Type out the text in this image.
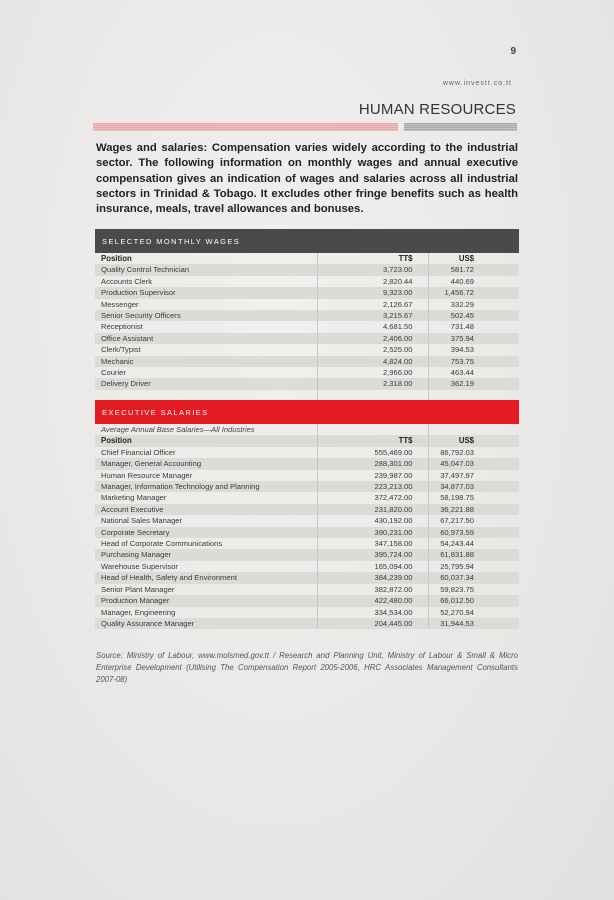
9
www.investt.co.tt
HUMAN RESOURCES

Wages and salaries: Compensation varies widely according to the industrial sector. The following information on monthly wages and annual executive compensation gives an indication of wages and salaries across all industrial sectors in Trinidad & Tobago. It excludes other fringe benefits such as health insurance, meals, travel allowances and bonuses.

SELECTED MONTHLY WAGES
Position	TT$	US$
Quality Control Technician	3,723.00	581.72
Accounts Clerk	2,820.44	440.69
Production Supervisor	9,323.00	1,456.72
Messenger	2,126.67	332.29
Senior Security Officers	3,215.67	502.45
Receptionist	4,681.50	731.48
Office Assistant	2,406.00	375.94
Clerk/Typist	2,525.00	394.53
Mechanic	4,824.00	753.75
Courier	2,966.00	463.44
Delivery Driver	2,318.00	362.19

EXECUTIVE SALARIES
Average Annual Base Salaries—All Industries		
Position	TT$	US$
Chief Financial Officer	555,469.00	86,792.03
Manager, General Accounting	288,301.00	45,047.03
Human Resource Manager	239,987.00	37,497.97
Manager, Information Technology and Planning	223,213.00	34,877.03
Marketing Manager	372,472.00	58,198.75
Account Executive	231,820.00	36,221.88
National Sales Manager	430,192.00	67,217.50
Corporate Secretary	390,231.00	60,973.59
Head of Corporate Communications	347,158.00	54,243.44
Purchasing Manager	395,724.00	61,831.88
Warehouse Supervisor	165,094.00	25,795.94
Head of Health, Safety and Environment	384,239.00	60,037.34
Senior Plant Manager	382,872.00	59,823.75
Production Manager	422,480.00	66,012.50
Manager, Engineering	334,534.00	52,270.94
Quality Assurance Manager	204,445.00	31,944.53

Source: Ministry of Labour, www.molsmed.gov.tt / Research and Planning Unit, Ministry of Labour & Small & Micro Enterprise Development (Utilising The Compensation Report 2005-2006, HRC Associates Management Consultants 2007-08)
